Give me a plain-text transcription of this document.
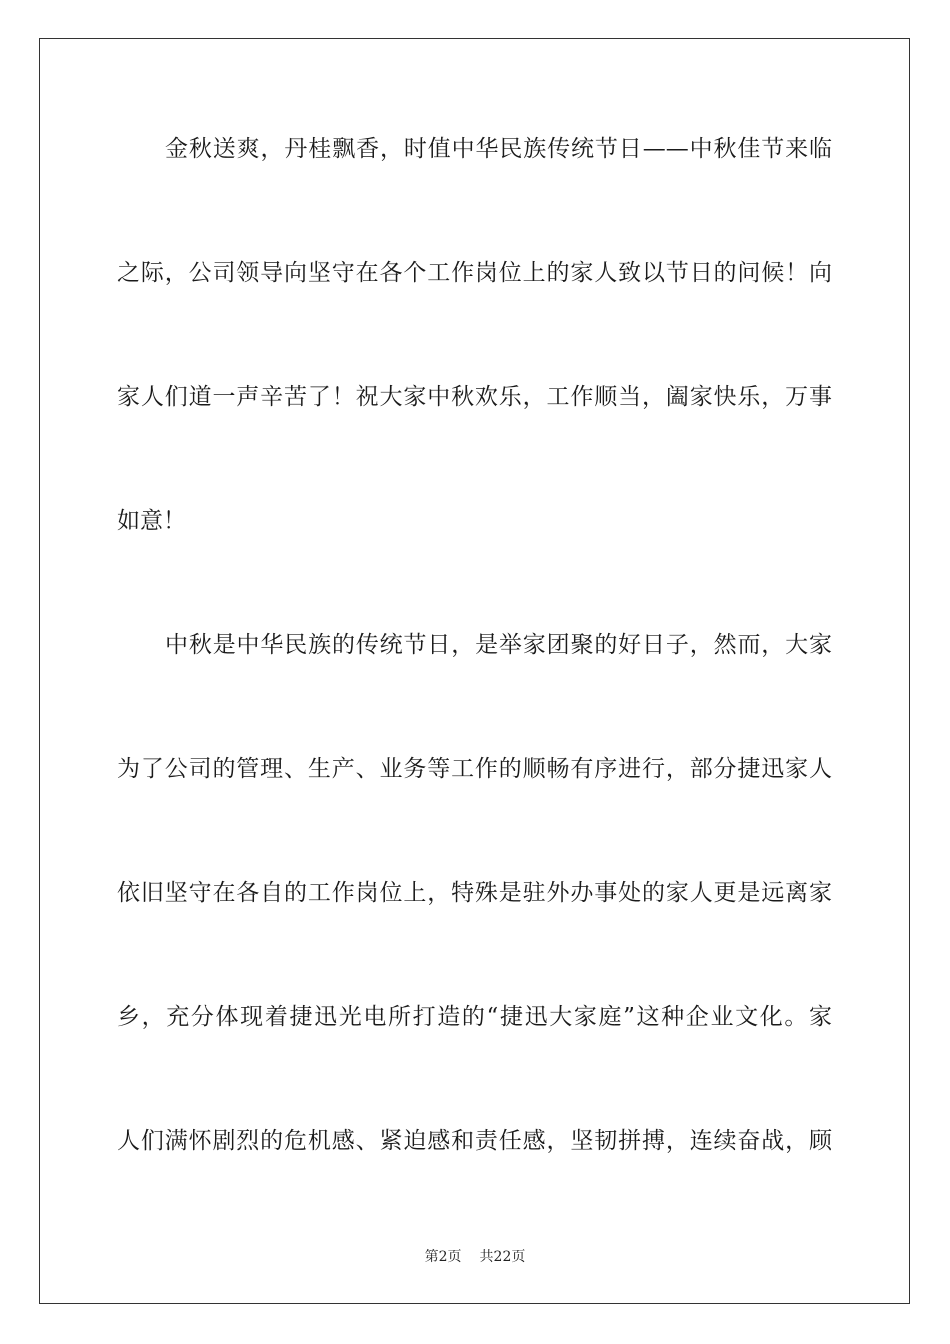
金秋送爽，丹桂飘香，时值中华民族传统节日——中秋佳节来临
之际，公司领导向坚守在各个工作岗位上的家人致以节日的问候！向
家人们道一声辛苦了！祝大家中秋欢乐，工作顺当，阖家快乐，万事
如意！
中秋是中华民族的传统节日，是举家团聚的好日子，然而，大家
为了公司的管理、生产、业务等工作的顺畅有序进行，部分捷迅家人
依旧坚守在各自的工作岗位上，特殊是驻外办事处的家人更是远离家
乡，充分体现着捷迅光电所打造的“捷迅大家庭”这种企业文化。家
人们满怀剧烈的危机感、紧迫感和责任感，坚韧拼搏，连续奋战，顾
第2页 共22页
